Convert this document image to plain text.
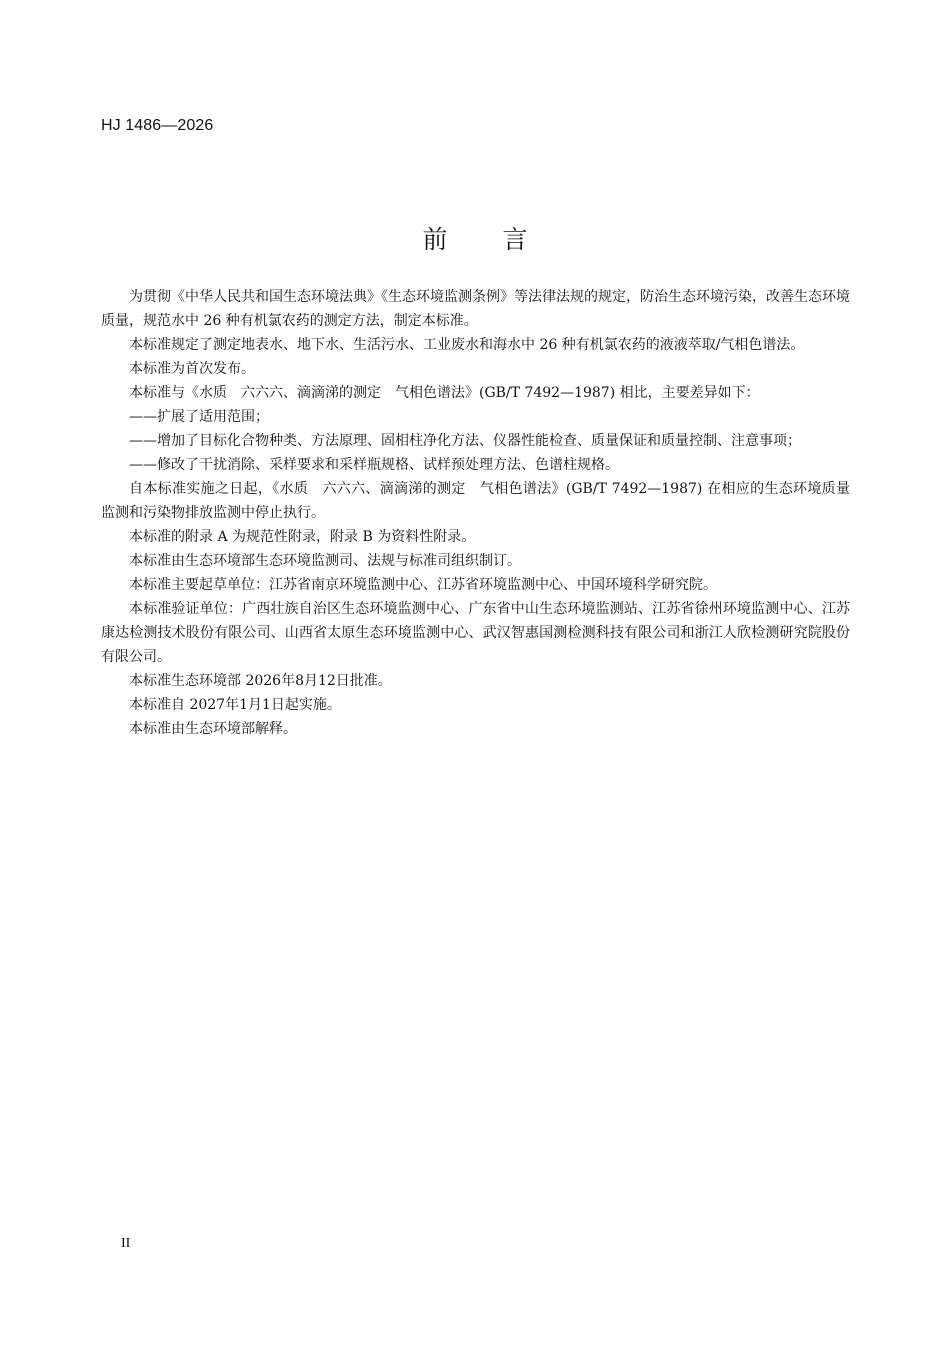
HJ 1486—2026
前言

为贯彻《中华人民共和国生态环境法典》《生态环境监测条例》等法律法规的规定，防治生态环境污染，改善生态环境质量，规范水中 26 种有机氯农药的测定方法，制定本标准。

本标准规定了测定地表水、地下水、生活污水、工业废水和海水中 26 种有机氯农药的液液萃取/气相色谱法。

本标准为首次发布。

本标准与《水质　六六六、滴滴涕的测定　气相色谱法》(GB/T 7492—1987) 相比，主要差异如下：

——扩展了适用范围；

——增加了目标化合物种类、方法原理、固相柱净化方法、仪器性能检查、质量保证和质量控制、注意事项；

——修改了干扰消除、采样要求和采样瓶规格、试样预处理方法、色谱柱规格。

自本标准实施之日起，《水质　六六六、滴滴涕的测定　气相色谱法》(GB/T 7492—1987) 在相应的生态环境质量监测和污染物排放监测中停止执行。

本标准的附录 A 为规范性附录，附录 B 为资料性附录。

本标准由生态环境部生态环境监测司、法规与标准司组织制订。

本标准主要起草单位：江苏省南京环境监测中心、江苏省环境监测中心、中国环境科学研究院。

本标准验证单位：广西壮族自治区生态环境监测中心、广东省中山生态环境监测站、江苏省徐州环境监测中心、江苏康达检测技术股份有限公司、山西省太原生态环境监测中心、武汉智惠国测检测科技有限公司和浙江人欣检测研究院股份有限公司。

本标准生态环境部 2026年8月12日批准。

本标准自 2027年1月1日起实施。

本标准由生态环境部解释。

II
